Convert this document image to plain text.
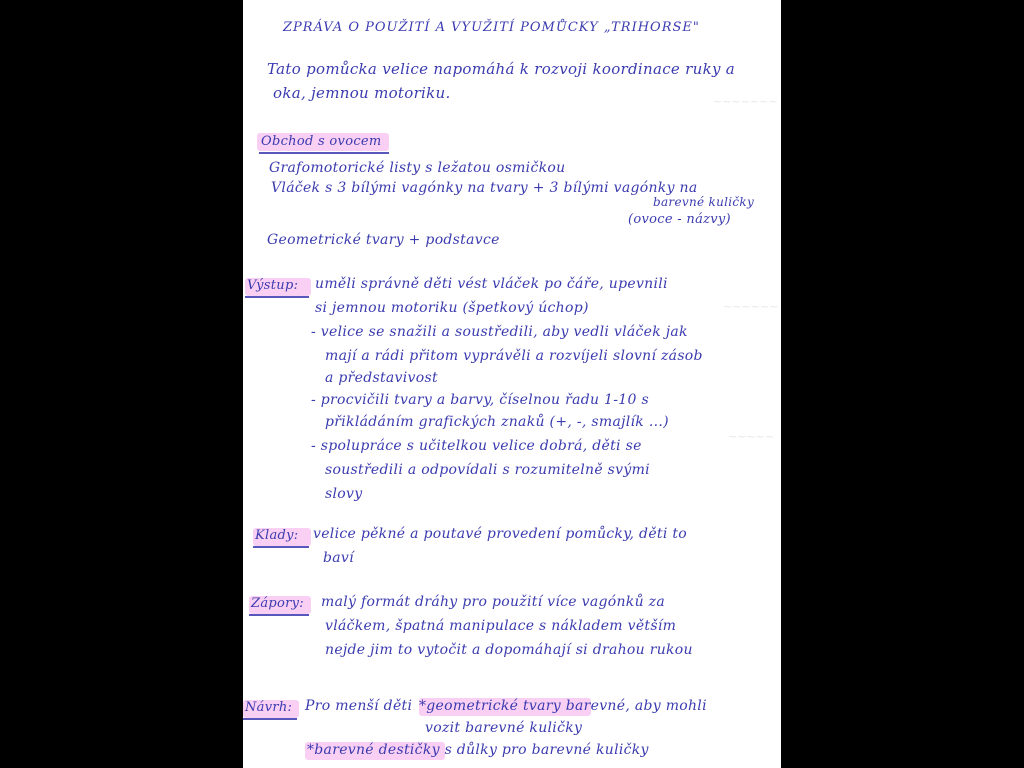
~~~~~~~
~~~~~~
~~~~~
ZPRÁVA O POUŽITÍ A VYUŽITÍ POMŮCKY „TRIHORSE"
Tato pomůcka velice napomáhá k rozvoji koordinace ruky a
oka, jemnou motoriku.
Obchod s ovocem
Grafomotorické listy s ležatou osmičkou
Vláček s 3 bílými vagónky na tvary + 3 bílými vagónky na
barevné kuličky
(ovoce - názvy)
Geometrické tvary + podstavce
Výstup: uměli správně děti vést vláček po čáře, upevnili
si jemnou motoriku (špetkový úchop)
- velice se snažili a soustředili, aby vedli vláček jak
mají a rádi přitom vyprávěli a rozvíjeli slovní zásob
a představivost
- procvičili tvary a barvy, číselnou řadu 1-10 s
přikládáním grafických znaků (+, -, smajlík ...)
- spolupráce s učitelkou velice dobrá, děti se
soustředili a odpovídali s rozumitelně svými
slovy
Klady: velice pěkné a poutavé provedení pomůcky, děti to
baví
Zápory: malý formát dráhy pro použití více vagónků za
vláčkem, špatná manipulace s nákladem větším
nejde jim to vytočit a dopomáhají si drahou rukou
Návrh: Pro menší děti *geometrické tvary barevné, aby mohli
vozit barevné kuličky
*barevné destičky s důlky pro barevné kuličky
